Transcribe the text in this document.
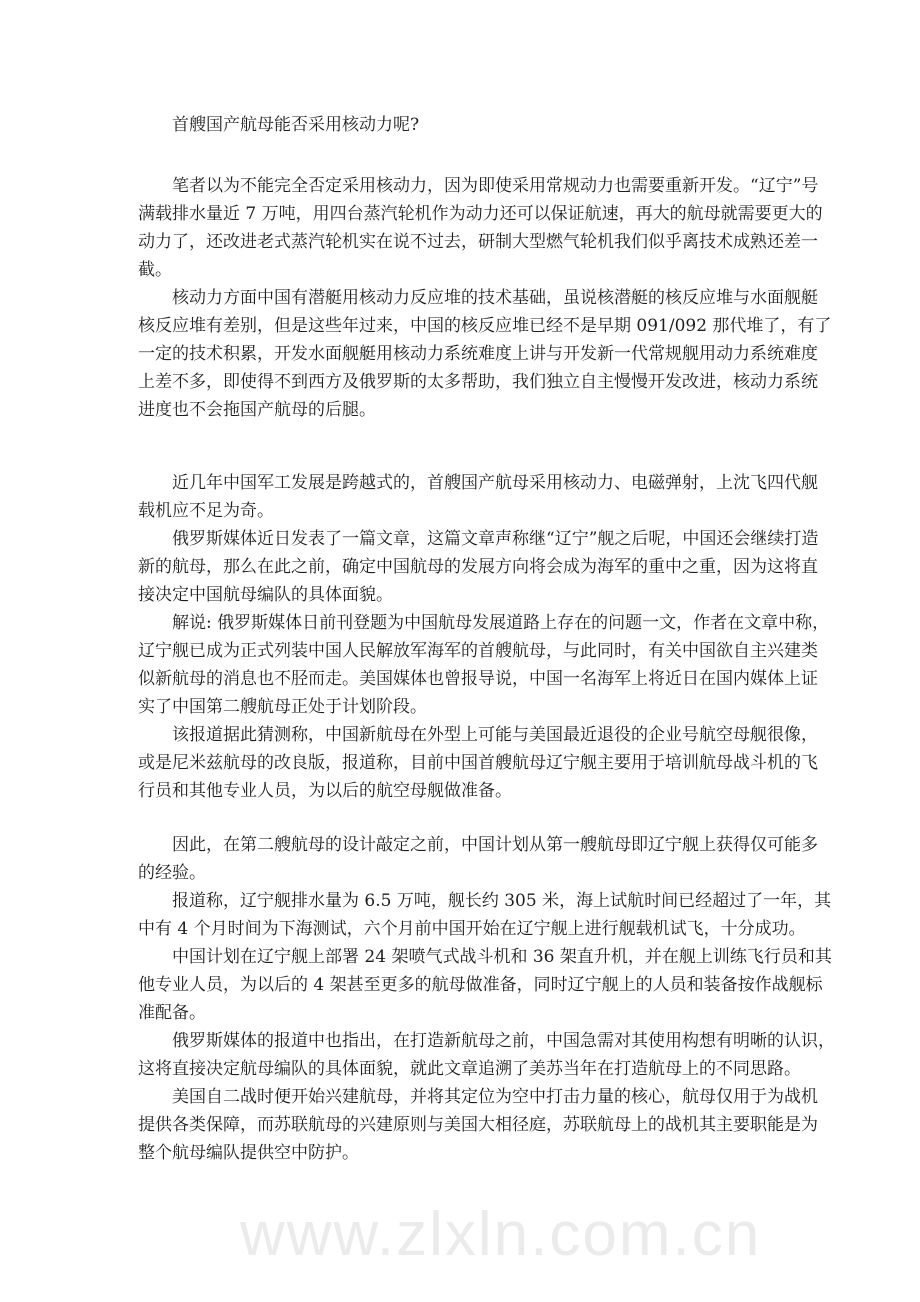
首艘国产航母能否采用核动力呢?
笔者以为不能完全否定采用核动力，因为即使采用常规动力也需要重新开发。“辽宁”号
满载排水量近 7 万吨，用四台蒸汽轮机作为动力还可以保证航速，再大的航母就需要更大的
动力了，还改进老式蒸汽轮机实在说不过去，研制大型燃气轮机我们似乎离技术成熟还差一
截。
核动力方面中国有潜艇用核动力反应堆的技术基础，虽说核潜艇的核反应堆与水面舰艇
核反应堆有差别，但是这些年过来，中国的核反应堆已经不是早期 091/092 那代堆了，有了
一定的技术积累，开发水面舰艇用核动力系统难度上讲与开发新一代常规舰用动力系统难度
上差不多，即使得不到西方及俄罗斯的太多帮助，我们独立自主慢慢开发改进，核动力系统
进度也不会拖国产航母的后腿。
近几年中国军工发展是跨越式的，首艘国产航母采用核动力、电磁弹射，上沈飞四代舰
载机应不足为奇。
俄罗斯媒体近日发表了一篇文章，这篇文章声称继“辽宁”舰之后呢，中国还会继续打造
新的航母，那么在此之前，确定中国航母的发展方向将会成为海军的重中之重，因为这将直
接决定中国航母编队的具体面貌。
解说: 俄罗斯媒体日前刊登题为中国航母发展道路上存在的问题一文，作者在文章中称，
辽宁舰已成为正式列装中国人民解放军海军的首艘航母，与此同时，有关中国欲自主兴建类
似新航母的消息也不胫而走。美国媒体也曾报导说，中国一名海军上将近日在国内媒体上证
实了中国第二艘航母正处于计划阶段。
该报道据此猜测称，中国新航母在外型上可能与美国最近退役的企业号航空母舰很像，
或是尼米兹航母的改良版，报道称，目前中国首艘航母辽宁舰主要用于培训航母战斗机的飞
行员和其他专业人员，为以后的航空母舰做准备。
因此，在第二艘航母的设计敲定之前，中国计划从第一艘航母即辽宁舰上获得仅可能多
的经验。
报道称，辽宁舰排水量为 6.5 万吨，舰长约 305 米，海上试航时间已经超过了一年，其
中有 4 个月时间为下海测试，六个月前中国开始在辽宁舰上进行舰载机试飞，十分成功。
中国计划在辽宁舰上部署 24 架喷气式战斗机和 36 架直升机，并在舰上训练飞行员和其
他专业人员，为以后的 4 架甚至更多的航母做准备，同时辽宁舰上的人员和装备按作战舰标
准配备。
俄罗斯媒体的报道中也指出，在打造新航母之前，中国急需对其使用构想有明晰的认识，
这将直接决定航母编队的具体面貌，就此文章追溯了美苏当年在打造航母上的不同思路。
美国自二战时便开始兴建航母，并将其定位为空中打击力量的核心，航母仅用于为战机
提供各类保障，而苏联航母的兴建原则与美国大相径庭，苏联航母上的战机其主要职能是为
整个航母编队提供空中防护。
www.zlxln.com.cn
